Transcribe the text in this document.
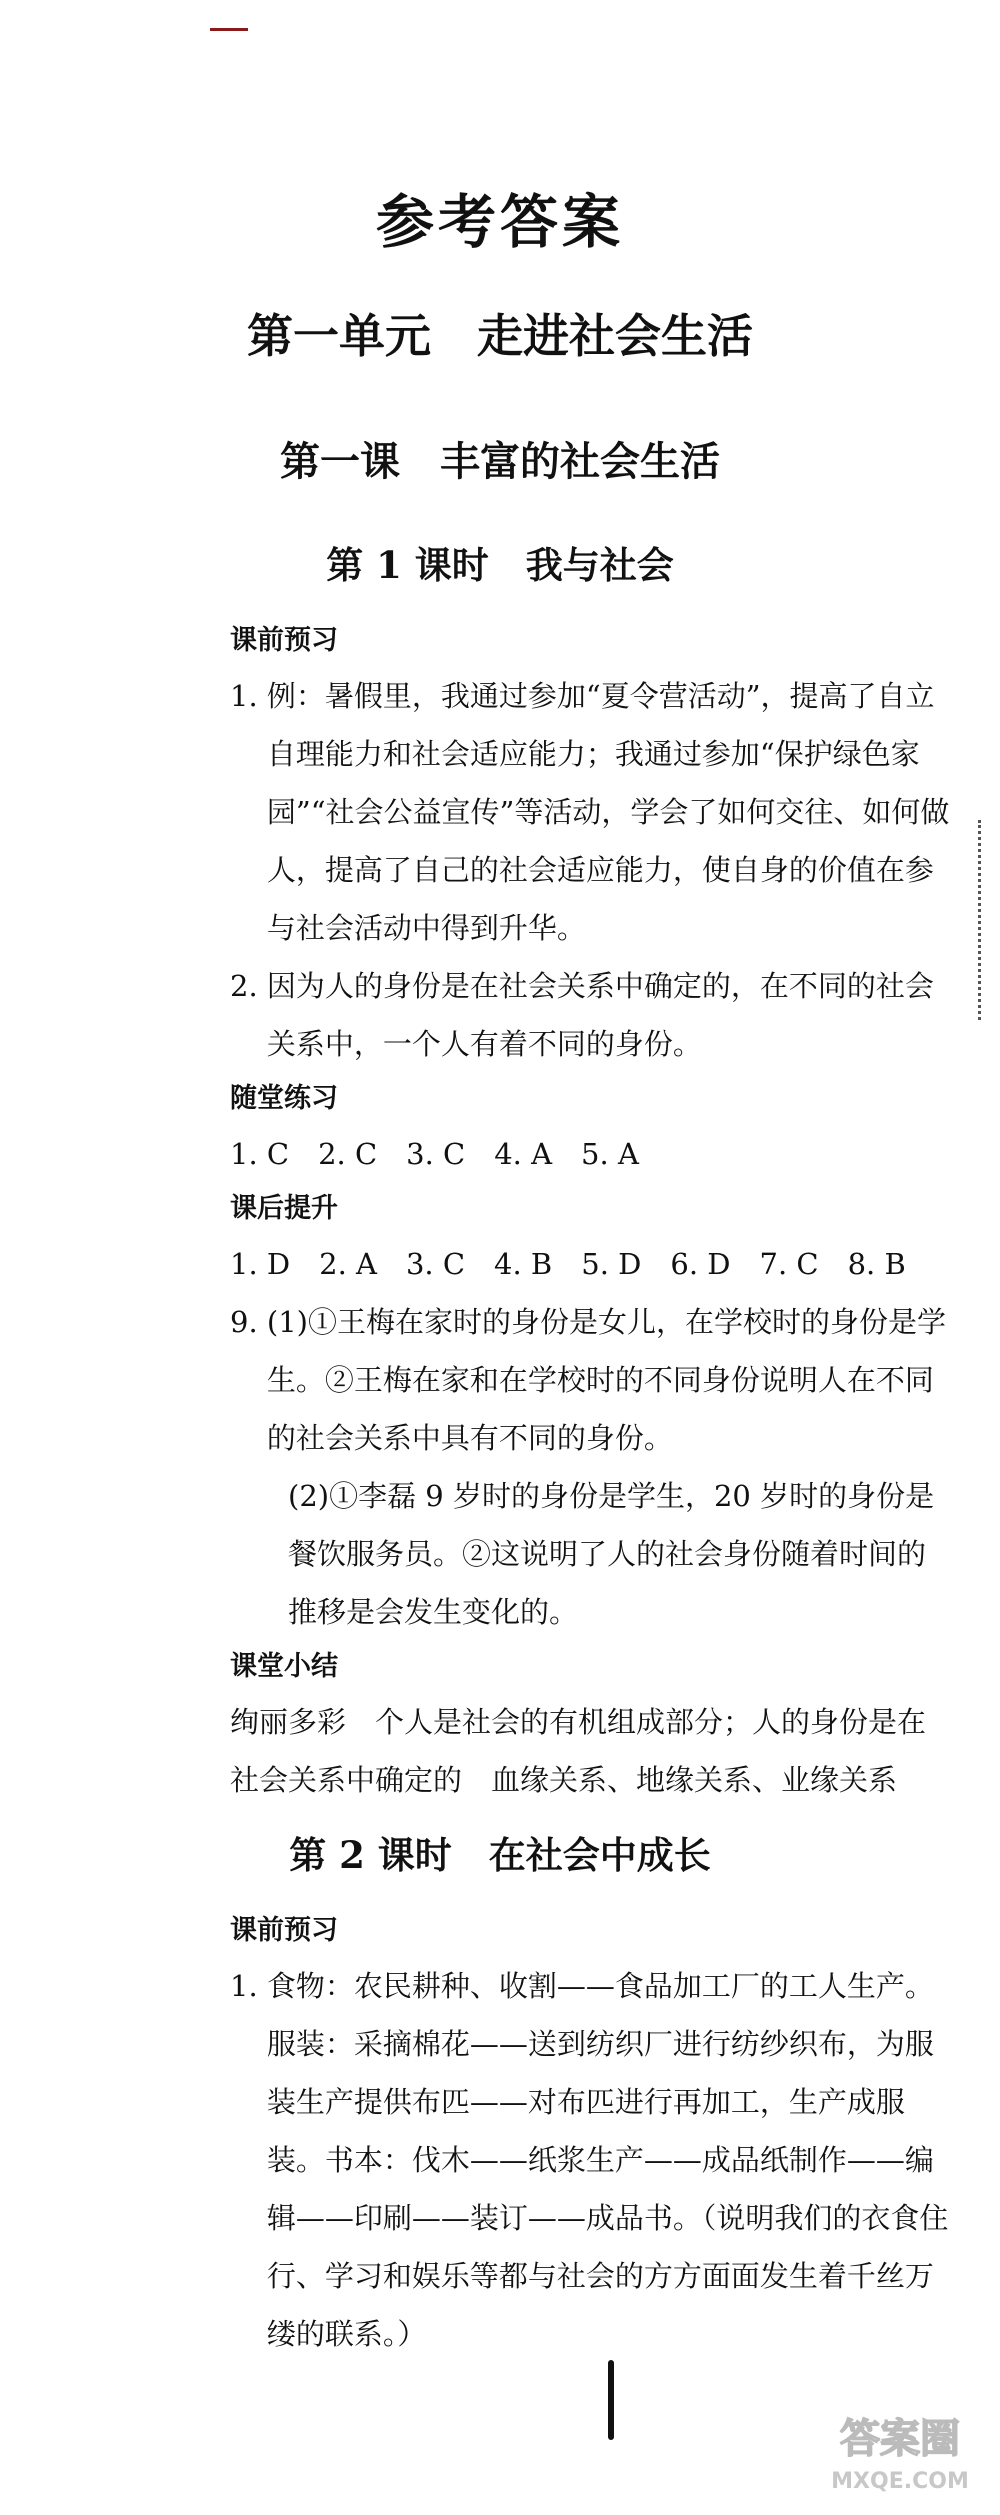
参考答案
第一单元　走进社会生活
第一课　丰富的社会生活
第 1 课时　我与社会
课前预习
1. 例：暑假里，我通过参加“夏令营活动”，提高了自立自理能力和社会适应能力；我通过参加“保护绿色家园”“社会公益宣传”等活动，学会了如何交往、如何做人，提高了自己的社会适应能力，使自身的价值在参与社会活动中得到升华。
2. 因为人的身份是在社会关系中确定的，在不同的社会关系中，一个人有着不同的身份。
随堂练习
1. C　2. C　3. C　4. A　5. A
课后提升
1. D　2. A　3. C　4. B　5. D　6. D　7. C　8. B
9. (1)①王梅在家时的身份是女儿，在学校时的身份是学生。②王梅在家和在学校时的不同身份说明人在不同的社会关系中具有不同的身份。
(2)①李磊 9 岁时的身份是学生，20 岁时的身份是餐饮服务员。②这说明了人的社会身份随着时间的推移是会发生变化的。
课堂小结
绚丽多彩　个人是社会的有机组成部分；人的身份是在社会关系中确定的　血缘关系、地缘关系、业缘关系
第 2 课时　在社会中成长
课前预习
1. 食物：农民耕种、收割——食品加工厂的工人生产。服装：采摘棉花——送到纺织厂进行纺纱织布，为服装生产提供布匹——对布匹进行再加工，生产成服装。书本：伐木——纸浆生产——成品纸制作——编辑——印刷——装订——成品书。（说明我们的衣食住行、学习和娱乐等都与社会的方方面面发生着千丝万缕的联系。）
答案圈
MXQE.COM
